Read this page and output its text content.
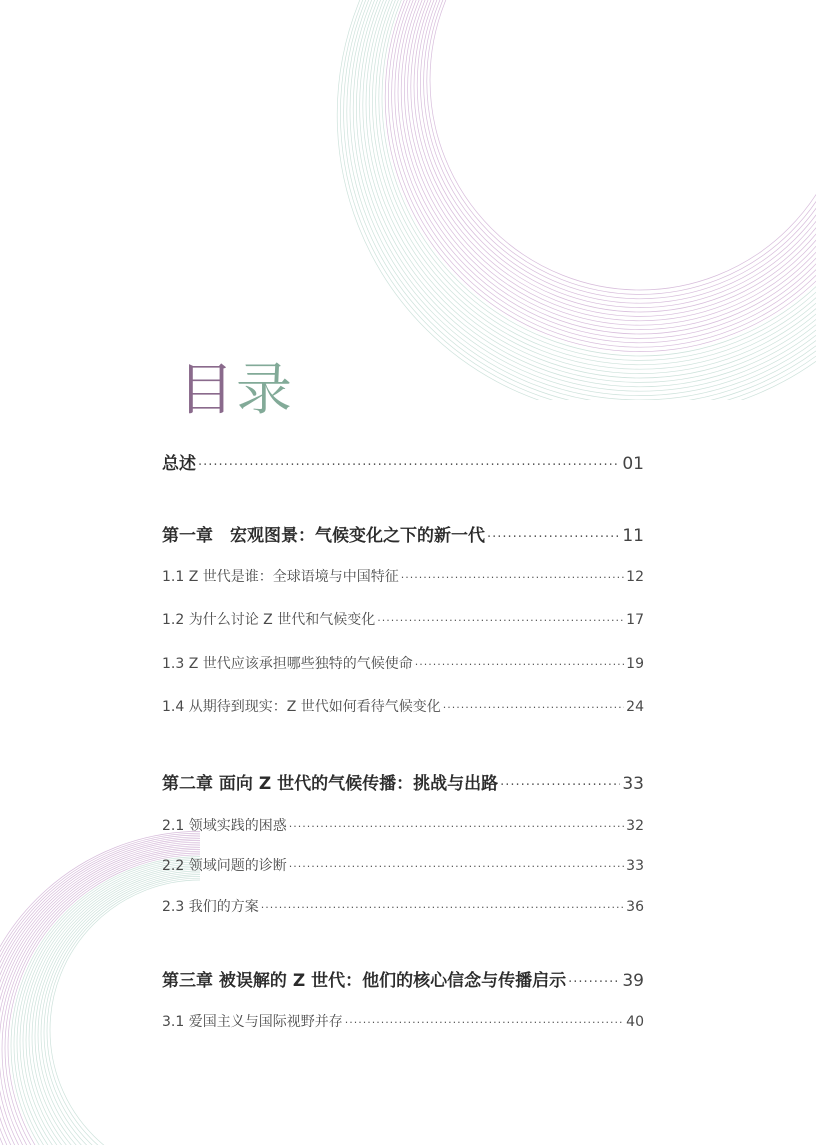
目录
总述 ·····	01
第一章　宏观图景：气候变化之下的新一代 ·····	11
1.1 Z 世代是谁：全球语境与中国特征 ·····	12
1.2 为什么讨论 Z 世代和气候变化 ·····	17
1.3 Z 世代应该承担哪些独特的气候使命 ·····	19
1.4 从期待到现实：Z 世代如何看待气候变化 ·····	24
第二章 面向 Z 世代的气候传播：挑战与出路 ·····	33
2.1 领域实践的困惑 ·····	32
2.2 领域问题的诊断 ·····	33
2.3 我们的方案 ·····	36
第三章 被误解的 Z 世代：他们的核心信念与传播启示 ·····	39
3.1 爱国主义与国际视野并存 ·····	40
